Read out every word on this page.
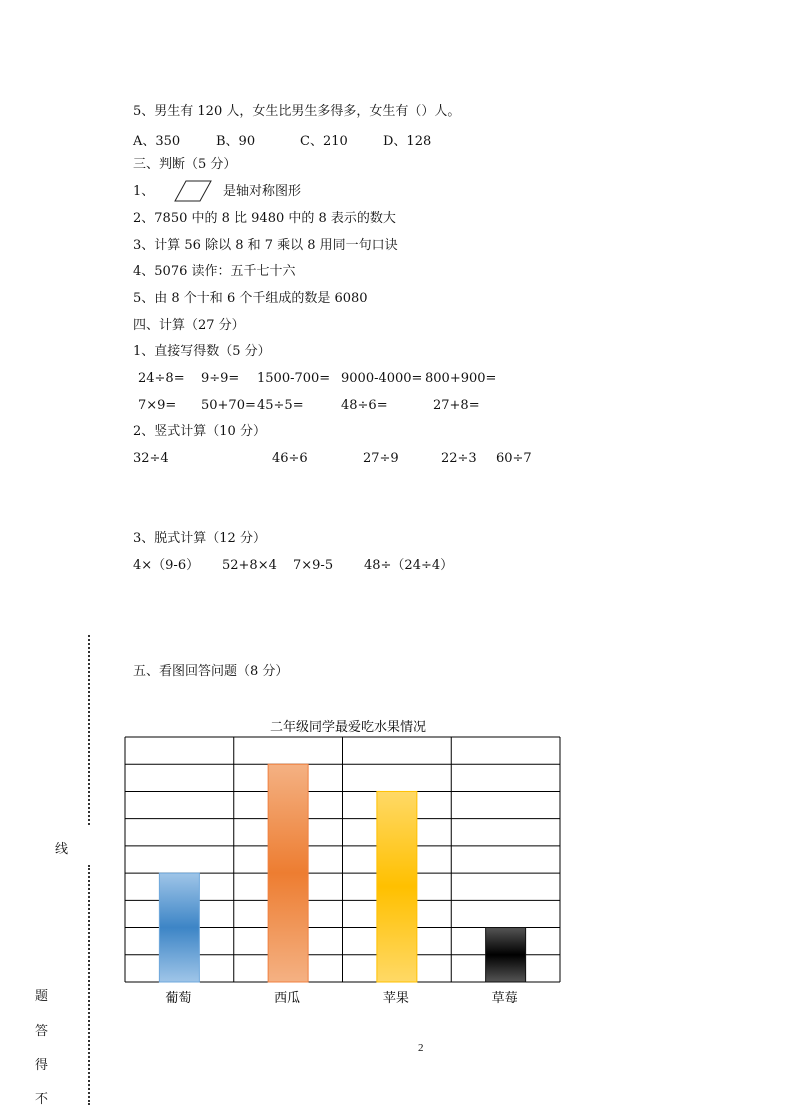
5、男生有 120 人，女生比男生多得多，女生有（）人。
A、350	B、90	C、210	D、128
三、判断（5 分）
1、	是轴对称图形
2、7850 中的 8 比 9480 中的 8 表示的数大
3、计算 56 除以 8 和 7 乘以 8 用同一句口诀
4、5076 读作：五千七十六
5、由 8 个十和 6 个千组成的数是 6080
四、计算（27 分）
1、直接写得数（5 分）
24÷8= 9÷9= 1500-700= 9000-4000= 800+900=
7×9= 50+70= 45÷5=	48÷6=	27+8=
2、竖式计算（10 分）
32÷4	46÷6	27÷9	22÷3 60÷7
3、脱式计算（12 分）
4×（9-6） 52+8×4 7×9-5 48÷（24÷4）
五、看图回答问题（8 分）
线
题
答
得
不
二年级同学最爱吃水果情况
葡萄	西瓜	苹果	草莓
2
